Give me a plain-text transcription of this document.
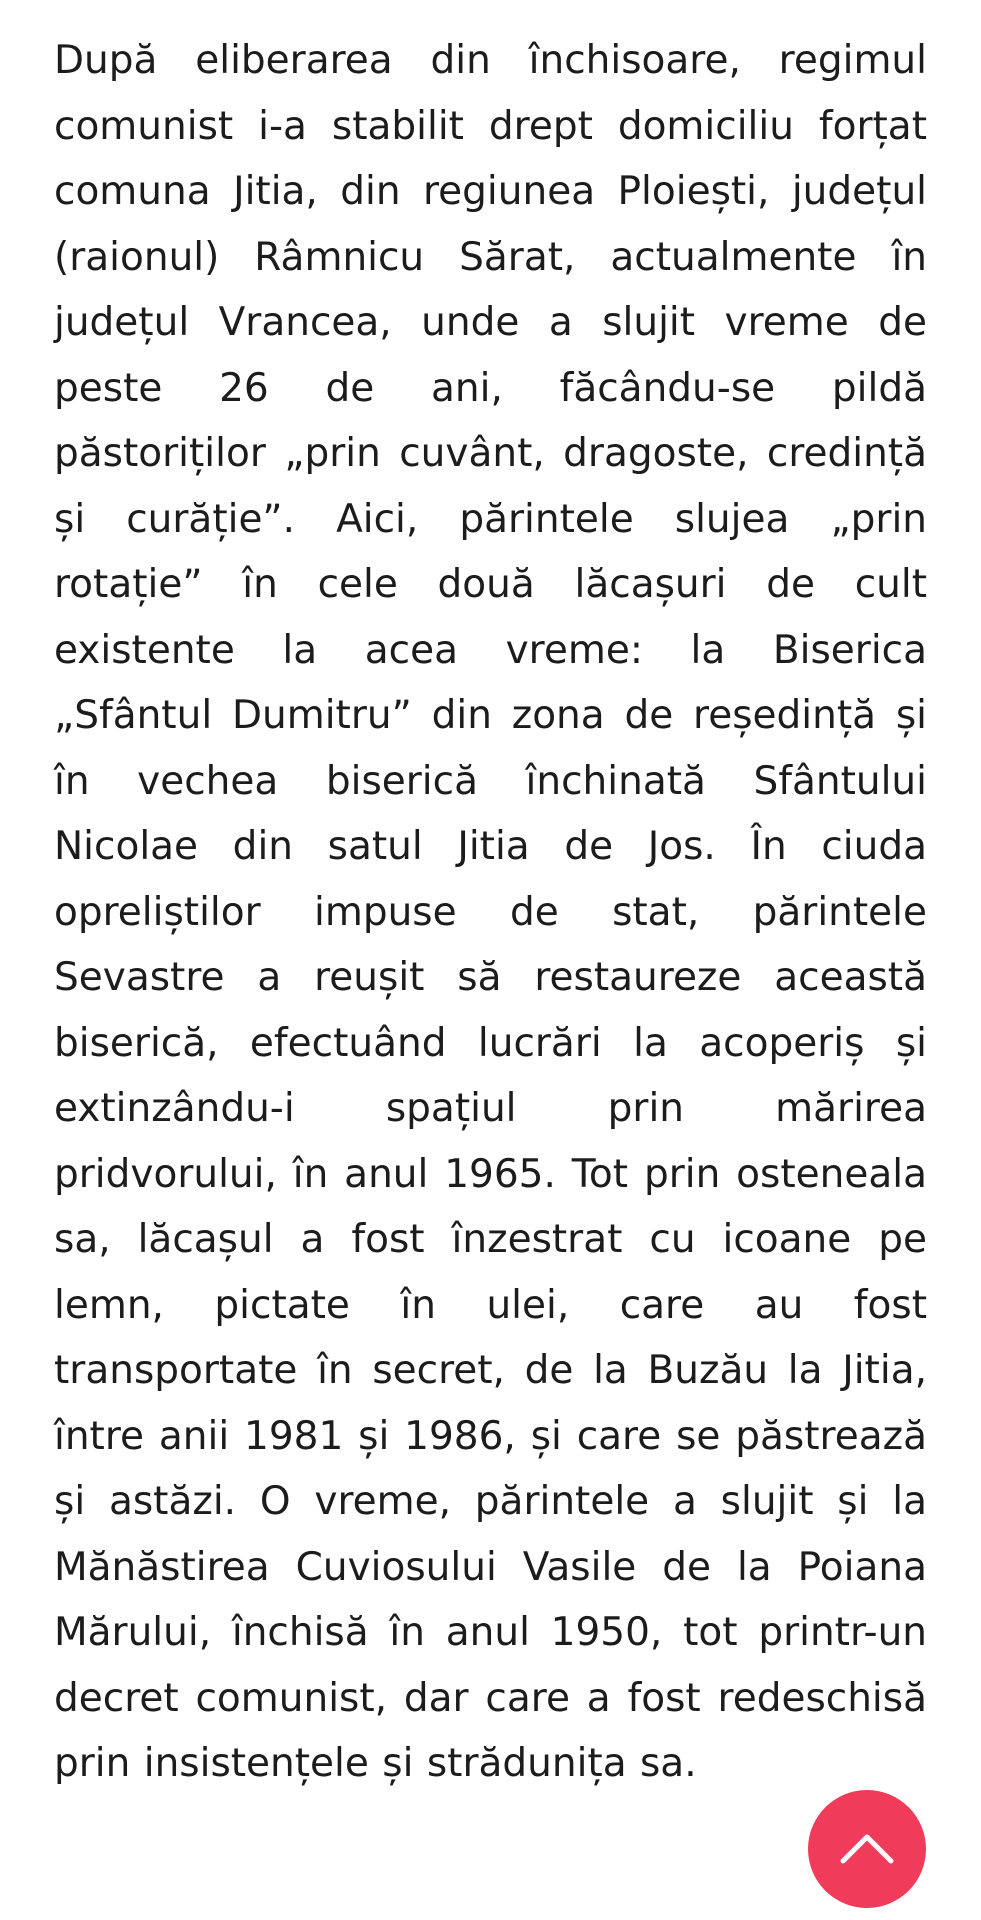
După eliberarea din închisoare, regimul comunist i-a stabilit drept domiciliu forțat comuna Jitia, din regiunea Ploiești, județul (raionul) Râmnicu Sărat, actualmente în județul Vrancea, unde a slujit vreme de peste 26 de ani, făcându-se pildă păstoriților „prin cuvânt, dragoste, credință și curăție”. Aici, părintele slujea „prin rotație” în cele două lăcașuri de cult existente la acea vreme: la Biserica „Sfântul Dumitru” din zona de reședință și în vechea biserică închinată Sfântului Nicolae din satul Jitia de Jos. În ciuda opreliștilor impuse de stat, părintele Sevastre a reușit să restaureze această biserică, efectuând lucrări la acoperiș și extinzându-i spațiul prin mărirea pridvorului, în anul 1965. Tot prin osteneala sa, lăcașul a fost înzestrat cu icoane pe lemn, pictate în ulei, care au fost transportate în secret, de la Buzău la Jitia, între anii 1981 și 1986, și care se păstrează și astăzi. O vreme, părintele a slujit și la Mănăstirea Cuviosului Vasile de la Poiana Mărului, închisă în anul 1950, tot printr-un decret comunist, dar care a fost redeschisă prin insistențele și strădunița sa.
